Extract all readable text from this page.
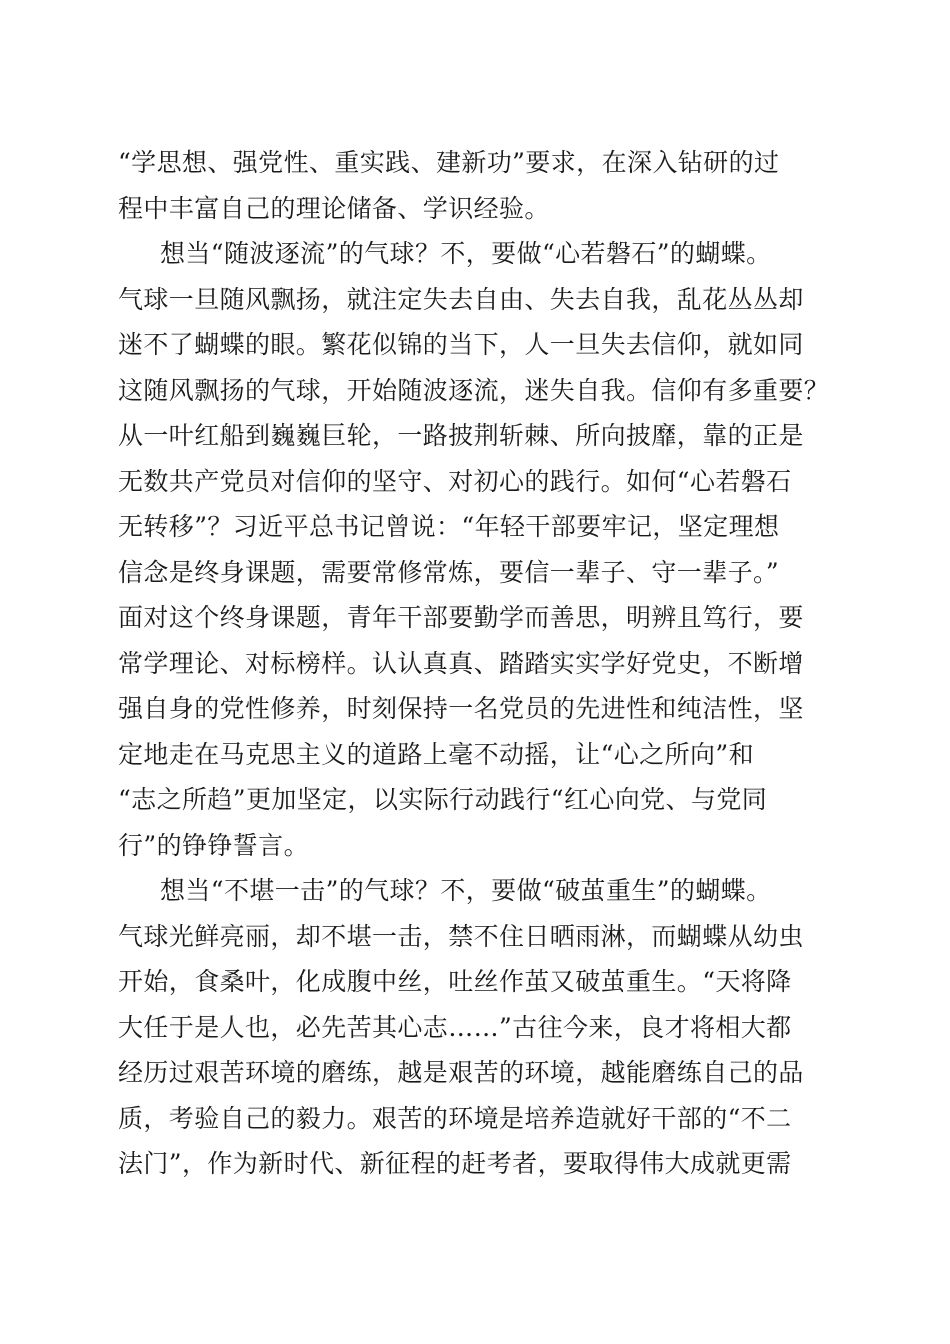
“学思想、强党性、重实践、建新功”要求，在深入钻研的过
程中丰富自己的理论储备、学识经验。
想当“随波逐流”的气球？不，要做“心若磐石”的蝴蝶。
气球一旦随风飘扬，就注定失去自由、失去自我，乱花丛丛却
迷不了蝴蝶的眼。繁花似锦的当下，人一旦失去信仰，就如同
这随风飘扬的气球，开始随波逐流，迷失自我。信仰有多重要？
从一叶红船到巍巍巨轮，一路披荆斩棘、所向披靡，靠的正是
无数共产党员对信仰的坚守、对初心的践行。如何“心若磐石
无转移”？习近平总书记曾说：“年轻干部要牢记，坚定理想
信念是终身课题，需要常修常炼，要信一辈子、守一辈子。”
面对这个终身课题，青年干部要勤学而善思，明辨且笃行，要
常学理论、对标榜样。认认真真、踏踏实实学好党史，不断增
强自身的党性修养，时刻保持一名党员的先进性和纯洁性，坚
定地走在马克思主义的道路上毫不动摇，让“心之所向”和
“志之所趋”更加坚定，以实际行动践行“红心向党、与党同
行”的铮铮誓言。
想当“不堪一击”的气球？不，要做“破茧重生”的蝴蝶。
气球光鲜亮丽，却不堪一击，禁不住日晒雨淋，而蝴蝶从幼虫
开始，食桑叶，化成腹中丝，吐丝作茧又破茧重生。“天将降
大任于是人也，必先苦其心志……”古往今来，良才将相大都
经历过艰苦环境的磨练，越是艰苦的环境，越能磨练自己的品
质，考验自己的毅力。艰苦的环境是培养造就好干部的“不二
法门”，作为新时代、新征程的赶考者，要取得伟大成就更需
